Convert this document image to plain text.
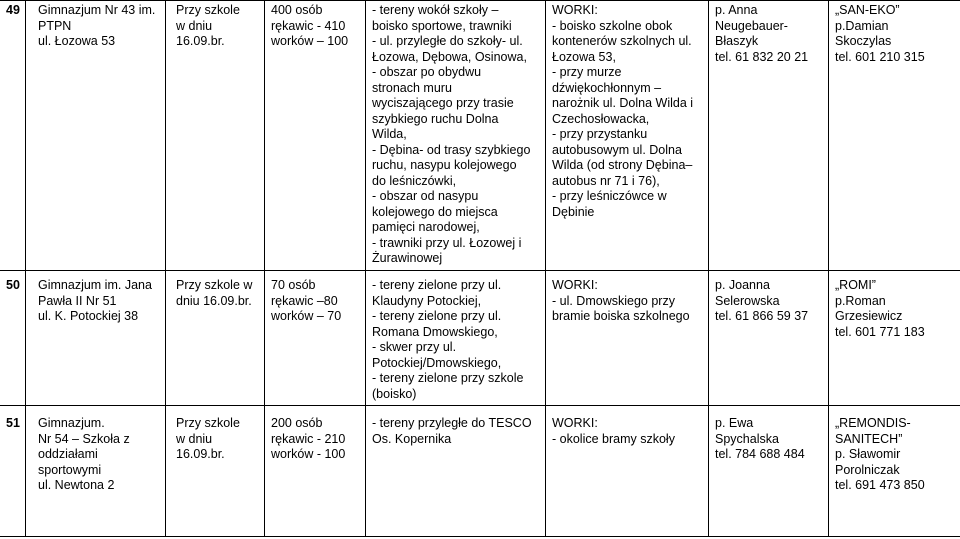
49 Gimnazjum Nr 43 im.
PTPN
ul. Łozowa 53
Przy szkole
w dniu
16.09.br.
400 osób
rękawic - 410
worków – 100
- tereny wokół szkoły –
boisko sportowe, trawniki
- ul. przyległe do szkoły- ul.
Łozowa, Dębowa, Osinowa,
- obszar po obydwu
stronach muru
wyciszającego przy trasie
szybkiego ruchu Dolna
Wilda,
- Dębina- od trasy szybkiego
ruchu, nasypu kolejowego
do leśniczówki,
- obszar od nasypu
kolejowego do miejsca
pamięci narodowej,
- trawniki przy ul. Łozowej i
Żurawinowej
WORKI:
- boisko szkolne obok
kontenerów szkolnych ul.
Łozowa 53,
- przy murze
dźwiękochłonnym –
narożnik ul. Dolna Wilda i
Czechosłowacka,
- przy przystanku
autobusowym ul. Dolna
Wilda (od strony Dębina–
autobus nr 71 i 76),
- przy leśniczówce w
Dębinie
p. Anna
Neugebauer-
Błaszyk
tel. 61 832 20 21
„SAN-EKO”
p.Damian
Skoczylas
tel. 601 210 315
50 Gimnazjum im. Jana
Pawła II Nr 51
ul. K. Potockiej 38
Przy szkole w
dniu 16.09.br.
70 osób
rękawic –80
worków – 70
- tereny zielone przy ul.
Klaudyny Potockiej,
- tereny zielone przy ul.
Romana Dmowskiego,
- skwer przy ul.
Potockiej/Dmowskiego,
- tereny zielone przy szkole
(boisko)
WORKI:
- ul. Dmowskiego przy
bramie boiska szkolnego
p. Joanna
Selerowska
tel. 61 866 59 37
„ROMI”
p.Roman
Grzesiewicz
tel. 601 771 183
51 Gimnazjum.
Nr 54 – Szkoła z
oddziałami
sportowymi
ul. Newtona 2
Przy szkole
w dniu
16.09.br.
200 osób
rękawic - 210
worków - 100
- tereny przyległe do TESCO
Os. Kopernika
WORKI:
- okolice bramy szkoły
p. Ewa
Spychalska
tel. 784 688 484
„REMONDIS-
SANITECH”
p. Sławomir
Porolniczak
tel. 691 473 850
